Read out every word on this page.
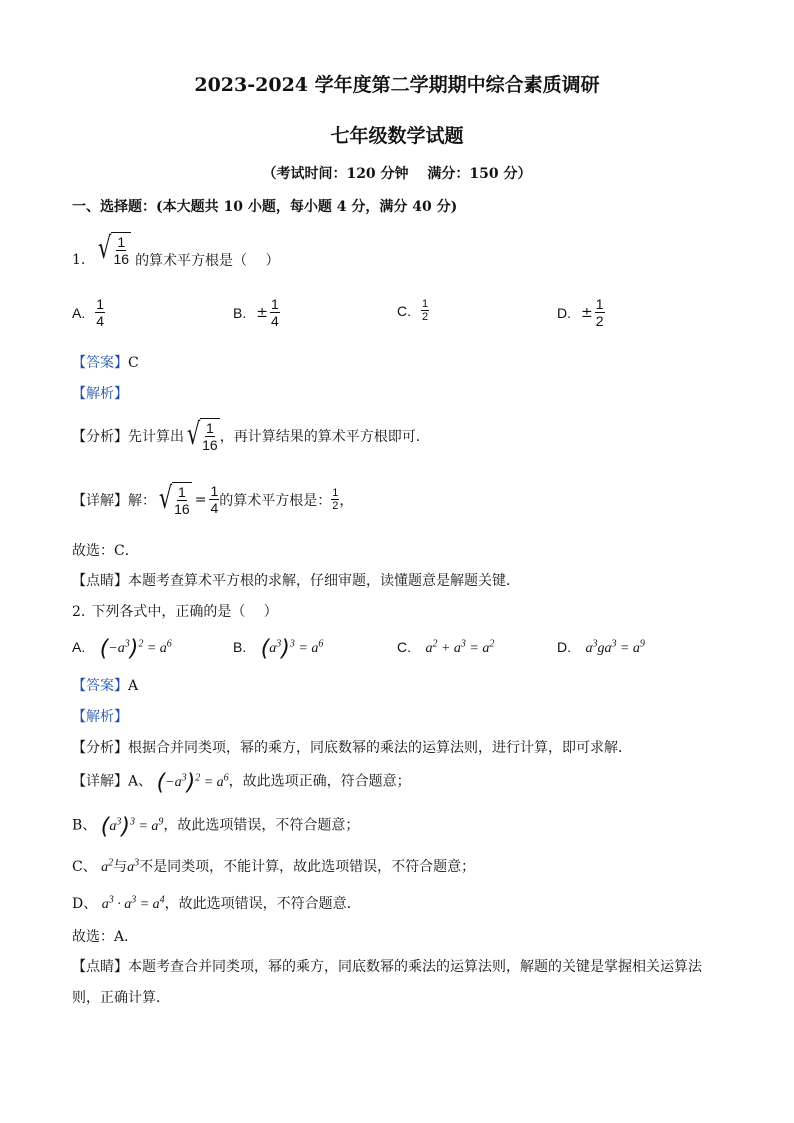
2023-2024 学年度第二学期期中综合素质调研
七年级数学试题
（考试时间：120 分钟　 满分：150 分）
一、选择题：(本大题共 10 小题，每小题 4 分，满分 40 分)
1. √ $\frac{1}{16}$ 的算术平方根是（　 ）
A. $\frac{1}{4}$	B. ± $\frac{1}{4}$	C. $\frac{1}{2}$	D. ± $\frac{1}{2}$
【答案】C
【解析】
【分析】 先计算出 √ $\frac{1}{16}$ ，再计算结果的算术平方根即可．
【详解】 解： √ $\frac{1}{16} = \frac{1}{4}$ 的算术平方根是： $\frac{1}{2}$ ，
故选：C．
【点睛】本题考查算术平方根的求解，仔细审题，读懂题意是解题关键．
2. 下列各式中，正确的是（　 ）
A. $(-a^3)^2 = a^6$	B. $(a^3)^3 = a^6$	C. $a^2 + a^3 = a^2$	D. $a^3ga^3 = a^9$
【答案】A
【解析】
【分析】根据合并同类项，幂的乘方，同底数幂的乘法的运算法则，进行计算，即可求解．
【详解】A、 $(-a^3)^2 = a^6$，故此选项正确，符合题意；
B、 $(a^3)^3 = a^9$，故此选项错误，不符合题意；
C、 $a^2$与$a^3$不是同类项，不能计算，故此选项错误，不符合题意；
D、 $a^3 \cdot a^3 = a^4$，故此选项错误，不符合题意．
故选：A．
【点睛】本题考查合并同类项，幂的乘方，同底数幂的乘法的运算法则，解题的关键是掌握相关运算法
则，正确计算．
